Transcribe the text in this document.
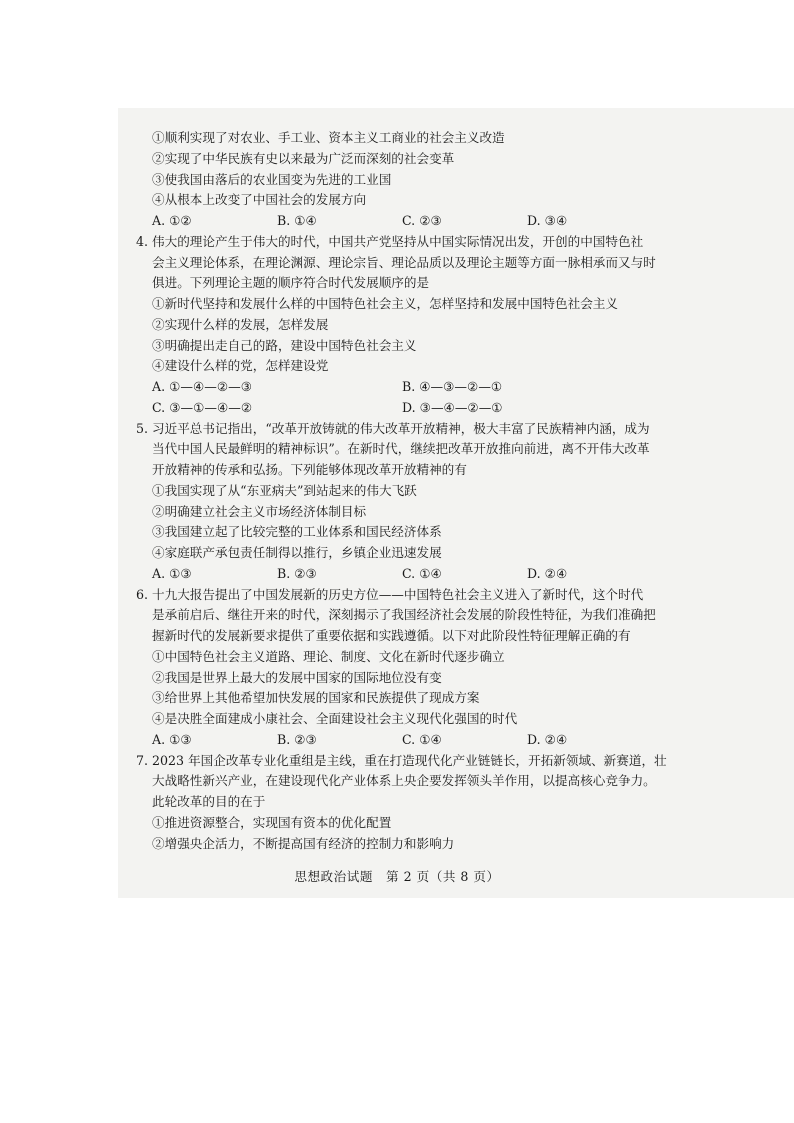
①顺利实现了对农业、手工业、资本主义工商业的社会主义改造
②实现了中华民族有史以来最为广泛而深刻的社会变革
③使我国由落后的农业国变为先进的工业国
④从根本上改变了中国社会的发展方向
A. ①②	B. ①④	C. ②③	D. ③④
4. 伟大的理论产生于伟大的时代，中国共产党坚持从中国实际情况出发，开创的中国特色社
会主义理论体系，在理论渊源、理论宗旨、理论品质以及理论主题等方面一脉相承而又与时
俱进。下列理论主题的顺序符合时代发展顺序的是
①新时代坚持和发展什么样的中国特色社会主义，怎样坚持和发展中国特色社会主义
②实现什么样的发展，怎样发展
③明确提出走自己的路，建设中国特色社会主义
④建设什么样的党，怎样建设党
A. ①—④—②—③	B. ④—③—②—①
C. ③—①—④—②	D. ③—④—②—①
5. 习近平总书记指出，“改革开放铸就的伟大改革开放精神，极大丰富了民族精神内涵，成为
当代中国人民最鲜明的精神标识”。在新时代，继续把改革开放推向前进，离不开伟大改革
开放精神的传承和弘扬。下列能够体现改革开放精神的有
①我国实现了从“东亚病夫”到站起来的伟大飞跃
②明确建立社会主义市场经济体制目标
③我国建立起了比较完整的工业体系和国民经济体系
④家庭联产承包责任制得以推行，乡镇企业迅速发展
A. ①③	B. ②③	C. ①④	D. ②④
6. 十九大报告提出了中国发展新的历史方位——中国特色社会主义进入了新时代，这个时代
是承前启后、继往开来的时代，深刻揭示了我国经济社会发展的阶段性特征，为我们准确把
握新时代的发展新要求提供了重要依据和实践遵循。以下对此阶段性特征理解正确的有
①中国特色社会主义道路、理论、制度、文化在新时代逐步确立
②我国是世界上最大的发展中国家的国际地位没有变
③给世界上其他希望加快发展的国家和民族提供了现成方案
④是决胜全面建成小康社会、全面建设社会主义现代化强国的时代
A. ①③	B. ②③	C. ①④	D. ②④
7. 2023 年国企改革专业化重组是主线，重在打造现代化产业链链长，开拓新领域、新赛道，壮
大战略性新兴产业，在建设现代化产业体系上央企要发挥领头羊作用，以提高核心竞争力。
此轮改革的目的在于
①推进资源整合，实现国有资本的优化配置
②增强央企活力，不断提高国有经济的控制力和影响力
思想政治试题　第 2 页（共 8 页）
